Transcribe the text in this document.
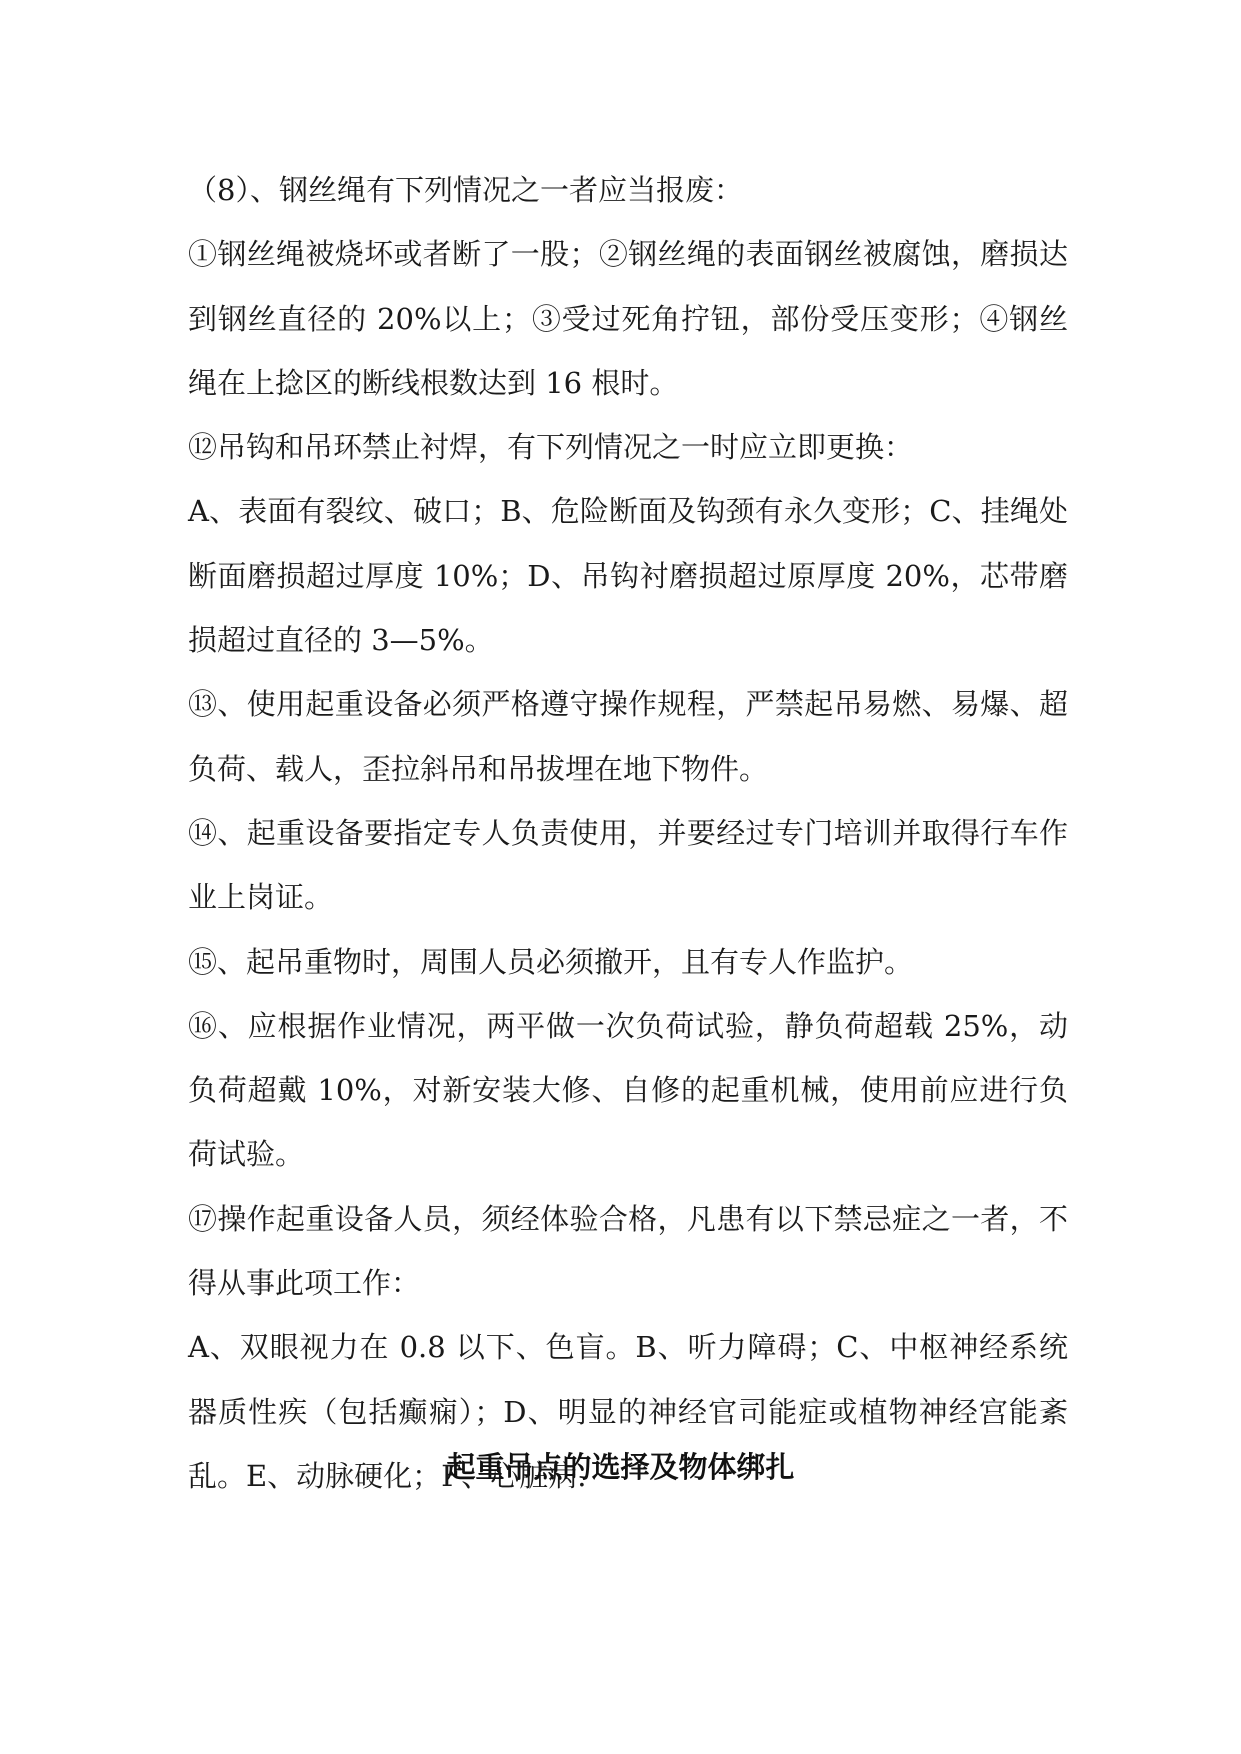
（8）、钢丝绳有下列情况之一者应当报废：

①钢丝绳被烧坏或者断了一股；②钢丝绳的表面钢丝被腐蚀，磨损达到钢丝直径的 20%以上；③受过死角拧钮，部份受压变形；④钢丝绳在上捻区的断线根数达到 16 根时。

⑫吊钩和吊环禁止衬焊，有下列情况之一时应立即更换：

A、表面有裂纹、破口；B、危险断面及钩颈有永久变形；C、挂绳处断面磨损超过厚度 10%；D、吊钩衬磨损超过原厚度 20%，芯带磨损超过直径的 3—5%。

⑬、使用起重设备必须严格遵守操作规程，严禁起吊易燃、易爆、超负荷、载人，歪拉斜吊和吊拔埋在地下物件。

⑭、起重设备要指定专人负责使用，并要经过专门培训并取得行车作业上岗证。

⑮、起吊重物时，周围人员必须撤开，且有专人作监护。

⑯、应根据作业情况，两平做一次负荷试验，静负荷超载 25%，动负荷超戴 10%，对新安装大修、自修的起重机械，使用前应进行负荷试验。

⑰操作起重设备人员，须经体验合格，凡患有以下禁忌症之一者，不得从事此项工作：

A、双眼视力在 0.8 以下、色盲。B、听力障碍；C、中枢神经系统器质性疾（包括癫痫）；D、明显的神经官司能症或植物神经宫能紊乱。E、动脉硬化；F、心脏病.

起重吊点的选择及物体绑扎
